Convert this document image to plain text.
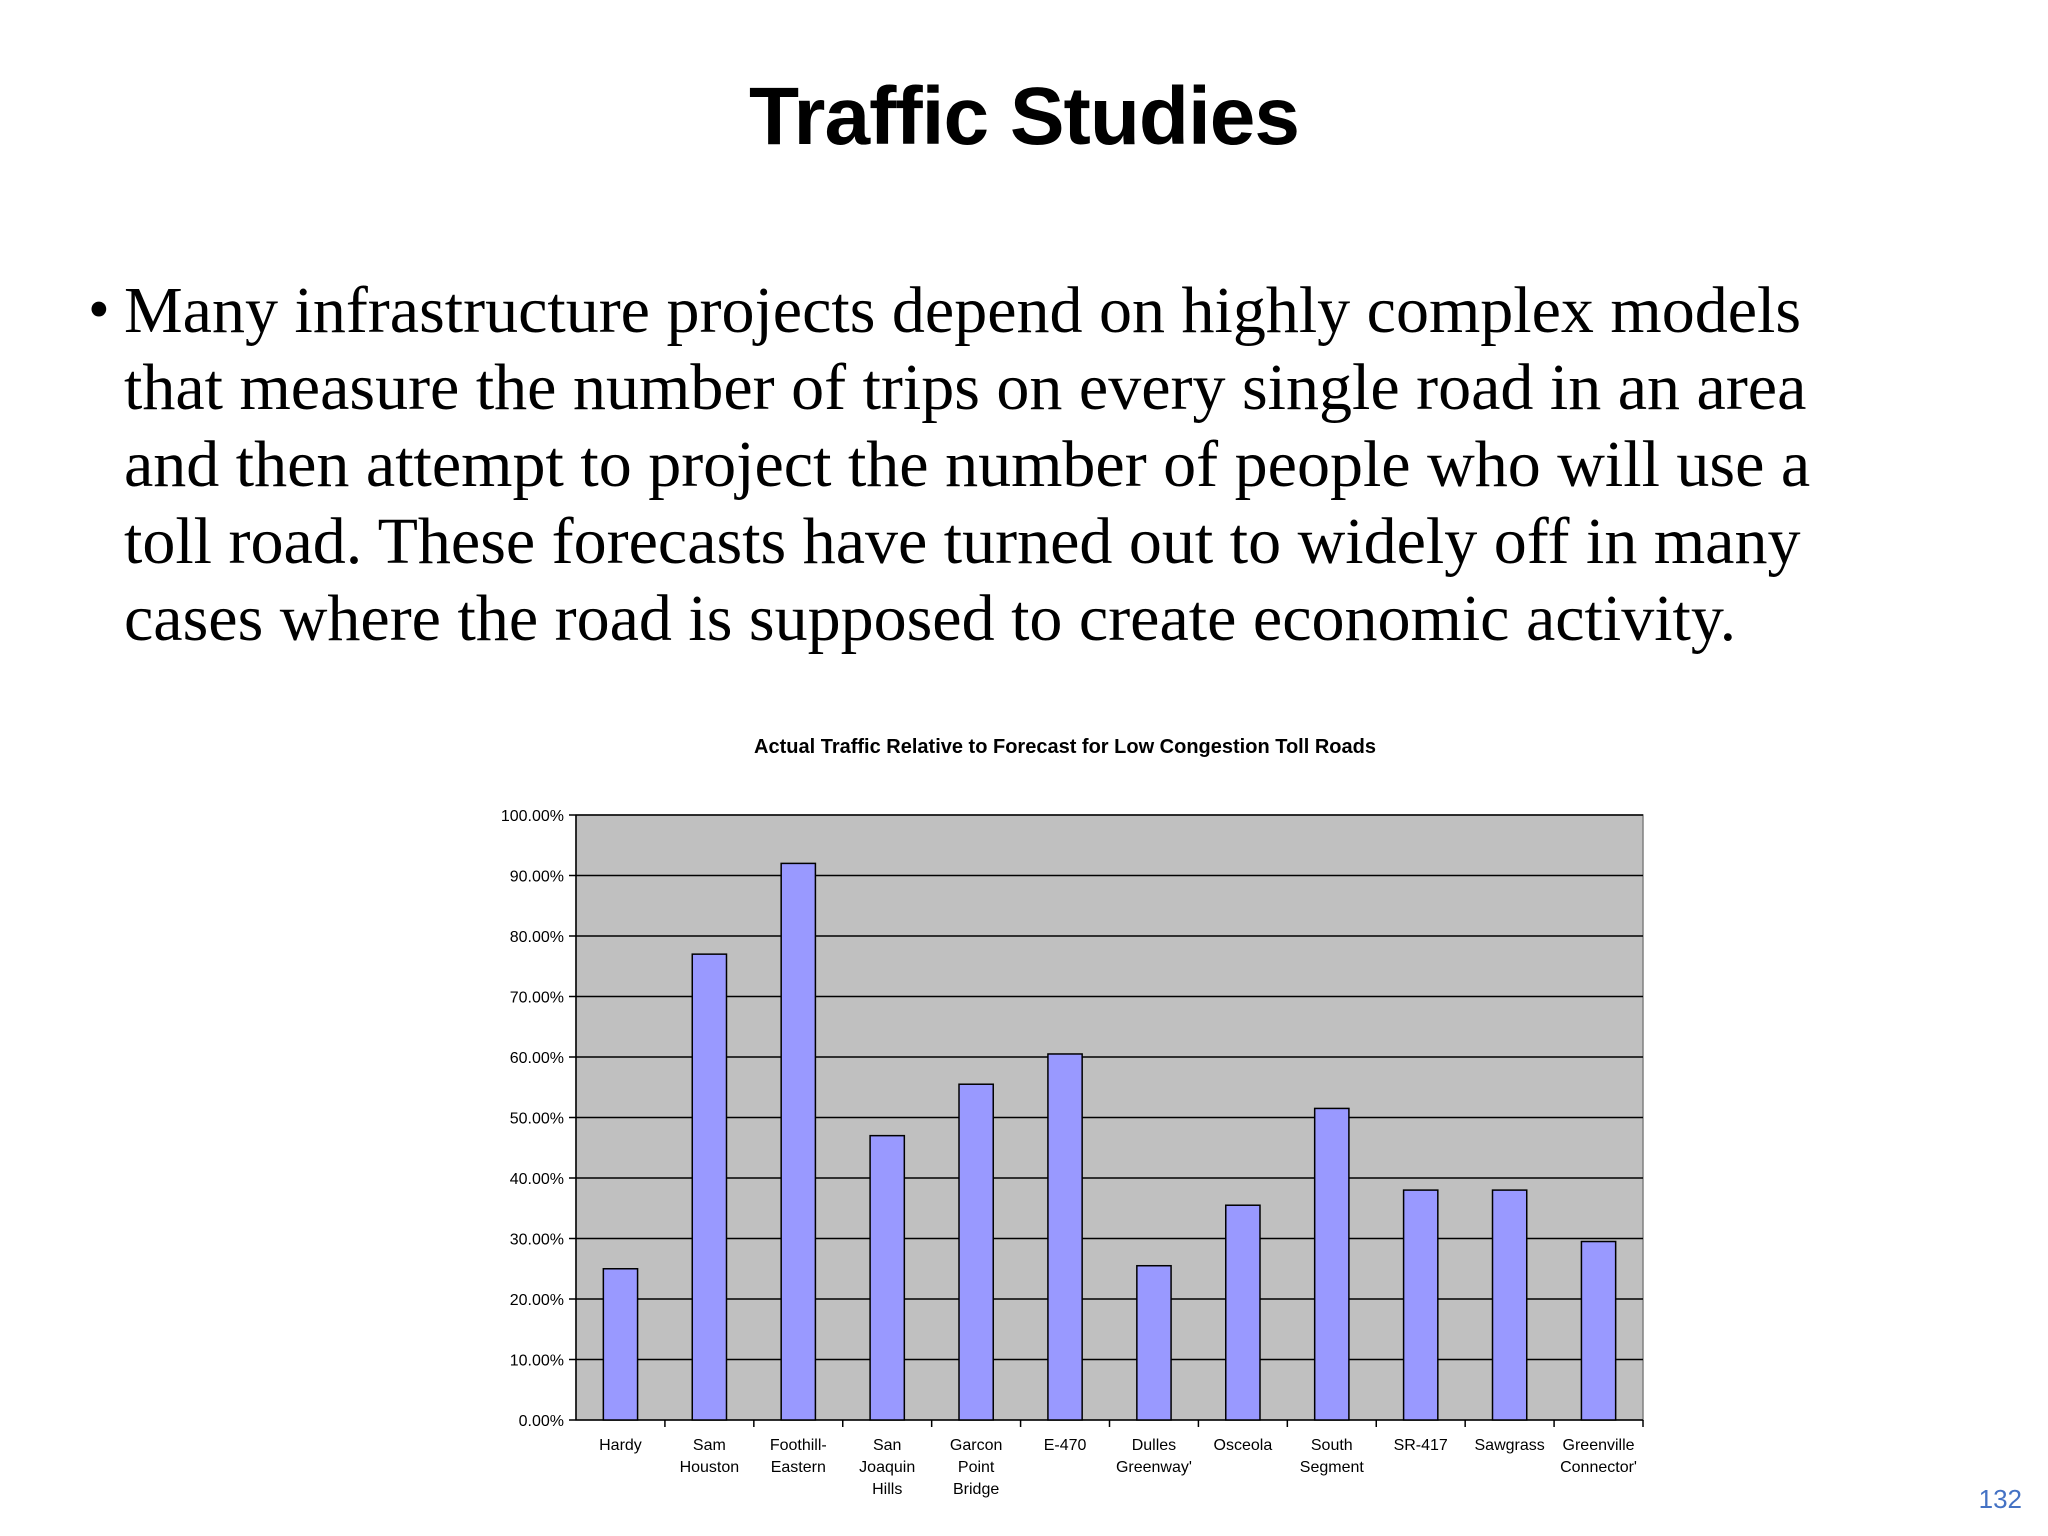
Traffic Studies
• Many infrastructure projects depend on highly complex models
that measure the number of trips on every single road in an area
and then attempt to project the number of people who will use a
toll road. These forecasts have turned out to widely off in many
cases where the road is supposed to create economic activity.
Actual Traffic Relative to Forecast for Low Congestion Toll Roads
0.00%
10.00%
20.00%
30.00%
40.00%
50.00%
60.00%
70.00%
80.00%
90.00%
100.00%
Hardy	Sam Houston
Foothill-Eastern
San Joaquin Hills
Garcon Point Bridge
E-470	Dulles Greenway'
Osceola	South Segment
SR-417 Sawgrass Greenville Connector'
132
